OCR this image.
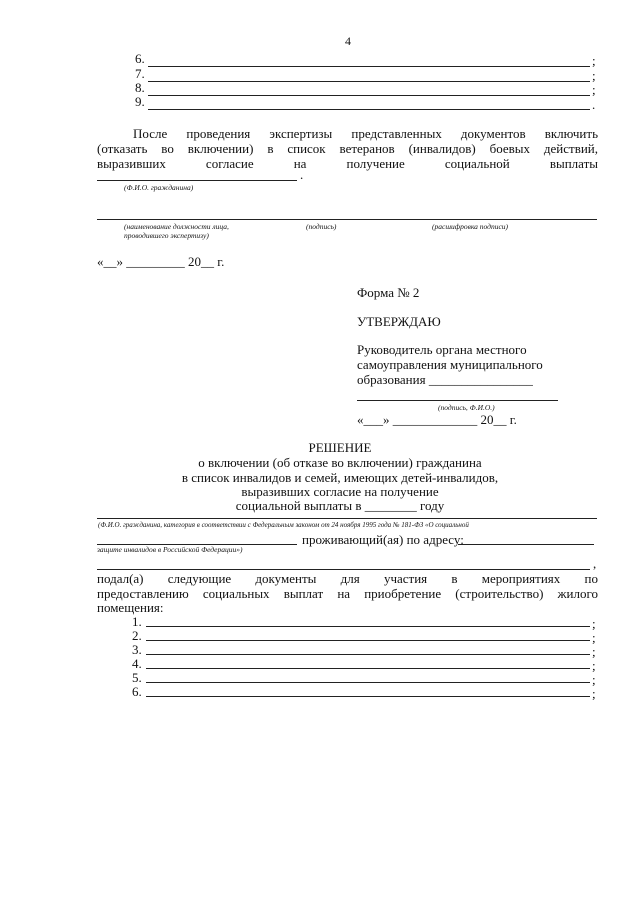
4
6.	;
7.	;
8.	;
9.	.
После проведения экспертизы представленных документов включить
(отказать во включении) в список ветеранов (инвалидов) боевых действий,
выразивших согласие на получение социальной выплаты
.
(Ф.И.О. гражданина)
(наименование должности лица,
проводившего экспертизу)
(подпись)	(расшифровка подписи)
«__» _________ 20__ г.
Форма № 2
УТВЕРЖДАЮ
Руководитель органа местного
самоуправления муниципального
образования ________________
(подпись, Ф.И.О.)
«___» _____________ 20__ г.
РЕШЕНИЕ
о включении (об отказе во включении) гражданина
в список инвалидов и семей, имеющих детей-инвалидов,
выразивших согласие на получение
социальной выплаты в ________ году
(Ф.И.О. гражданина, категория в соответствии с Федеральным законом от 24 ноября 1995 года № 181-ФЗ «О социальной
проживающий(ая) по адресу:
защите инвалидов в Российской Федерации»)
,
подал(а) следующие документы для участия в мероприятиях по
предоставлению социальных выплат на приобретение (строительство) жилого
помещения:
1.	;
2.	;
3.	;
4.	;
5.	;
6.	;
